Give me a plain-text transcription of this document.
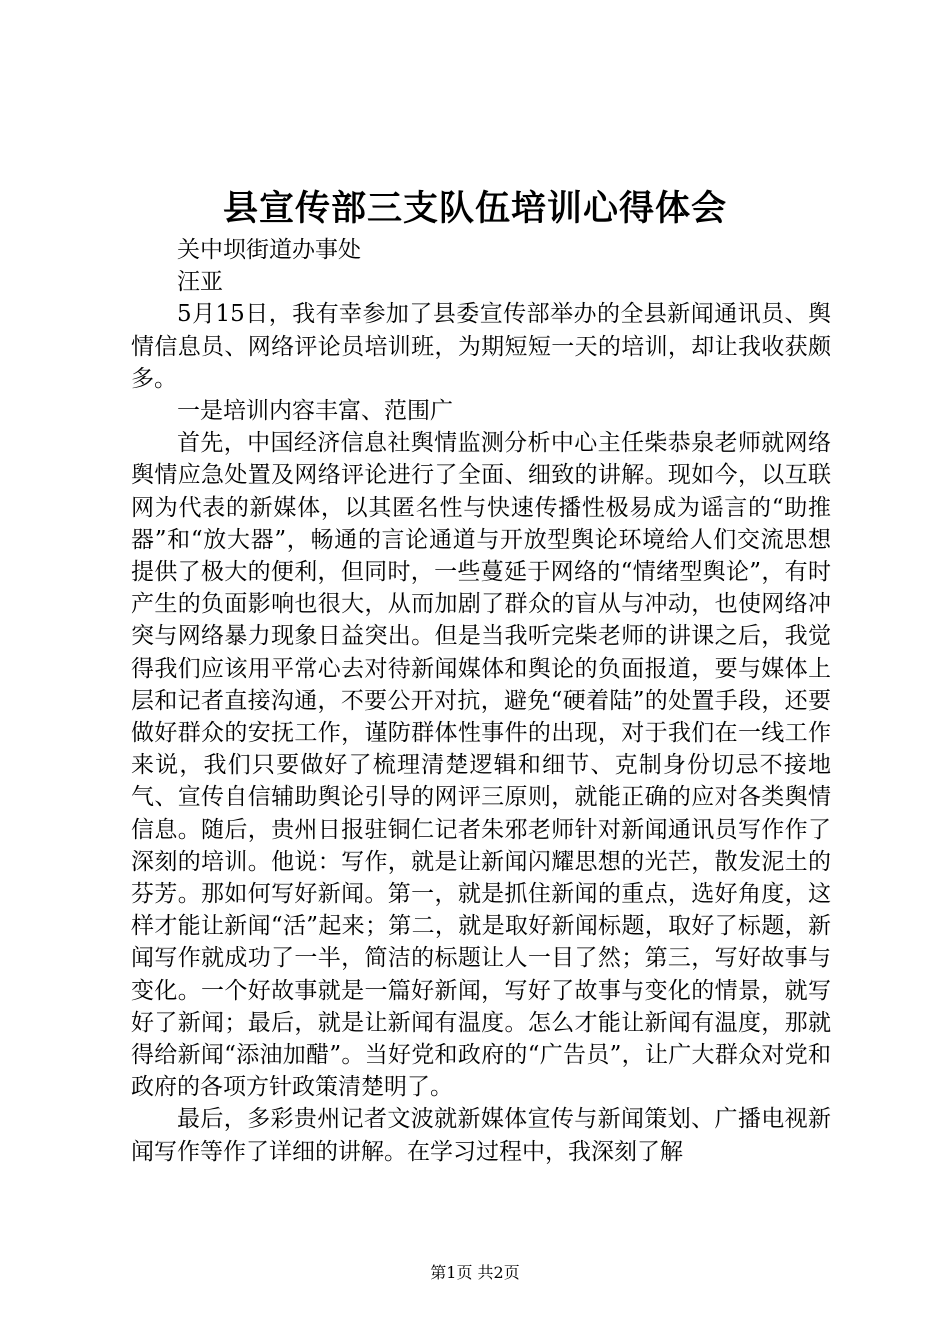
县宣传部三支队伍培训心得体会

关中坝街道办事处

汪亚

5月15日，我有幸参加了县委宣传部举办的全县新闻通讯员、舆情信息员、网络评论员培训班，为期短短一天的培训，却让我收获颇多。

一是培训内容丰富、范围广

首先，中国经济信息社舆情监测分析中心主任柴恭泉老师就网络舆情应急处置及网络评论进行了全面、细致的讲解。现如今，以互联网为代表的新媒体，以其匿名性与快速传播性极易成为谣言的“助推器”和“放大器”，畅通的言论通道与开放型舆论环境给人们交流思想提供了极大的便利，但同时，一些蔓延于网络的“情绪型舆论”，有时产生的负面影响也很大，从而加剧了群众的盲从与冲动，也使网络冲突与网络暴力现象日益突出。但是当我听完柴老师的讲课之后，我觉得我们应该用平常心去对待新闻媒体和舆论的负面报道，要与媒体上层和记者直接沟通，不要公开对抗，避免“硬着陆”的处置手段，还要做好群众的安抚工作，谨防群体性事件的出现，对于我们在一线工作来说，我们只要做好了梳理清楚逻辑和细节、克制身份切忌不接地气、宣传自信辅助舆论引导的网评三原则，就能正确的应对各类舆情信息。随后，贵州日报驻铜仁记者朱邪老师针对新闻通讯员写作作了深刻的培训。他说：写作，就是让新闻闪耀思想的光芒，散发泥土的芬芳。那如何写好新闻。第一，就是抓住新闻的重点，选好角度，这样才能让新闻“活”起来；第二，就是取好新闻标题，取好了标题，新闻写作就成功了一半，简洁的标题让人一目了然；第三，写好故事与变化。一个好故事就是一篇好新闻，写好了故事与变化的情景，就写好了新闻；最后，就是让新闻有温度。怎么才能让新闻有温度，那就得给新闻“添油加醋”。当好党和政府的“广告员”，让广大群众对党和政府的各项方针政策清楚明了。

最后，多彩贵州记者文波就新媒体宣传与新闻策划、广播电视新闻写作等作了详细的讲解。在学习过程中，我深刻了解

第1页 共2页
